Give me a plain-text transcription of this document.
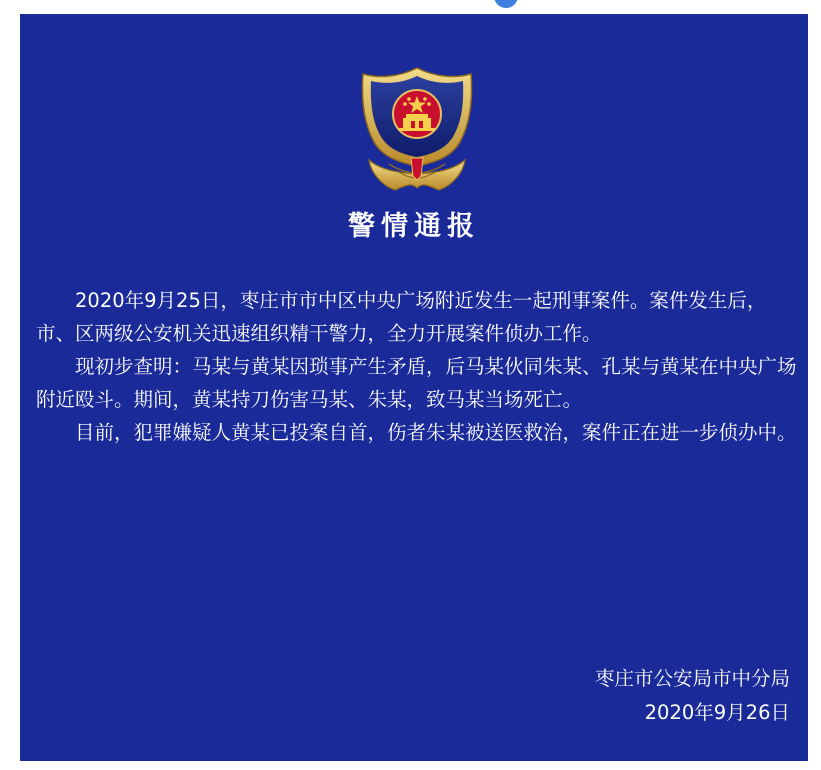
警情通报

2020年9月25日，枣庄市市中区中央广场附近发生一起刑事案件。案件发生后，市、区两级公安机关迅速组织精干警力，全力开展案件侦办工作。

现初步查明：马某与黄某因琐事产生矛盾，后马某伙同朱某、孔某与黄某在中央广场附近殴斗。期间，黄某持刀伤害马某、朱某，致马某当场死亡。

目前，犯罪嫌疑人黄某已投案自首，伤者朱某被送医救治，案件正在进一步侦办中。

枣庄市公安局市中分局
2020年9月26日
